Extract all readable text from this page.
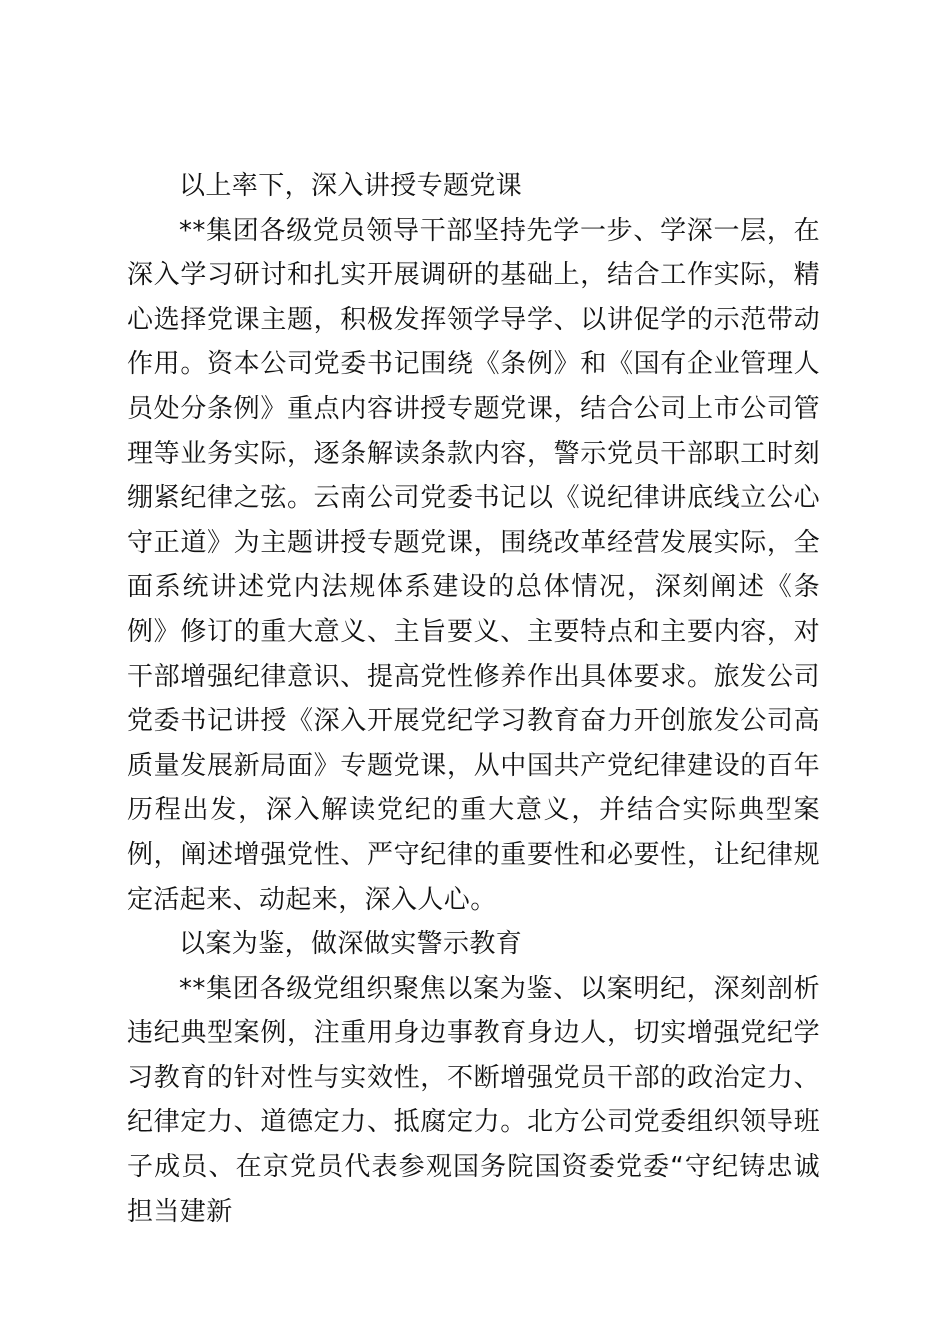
以上率下，深入讲授专题党课

**集团各级党员领导干部坚持先学一步、学深一层，在深入学习研讨和扎实开展调研的基础上，结合工作实际，精心选择党课主题，积极发挥领学导学、以讲促学的示范带动作用。资本公司党委书记围绕《条例》和《国有企业管理人员处分条例》重点内容讲授专题党课，结合公司上市公司管理等业务实际，逐条解读条款内容，警示党员干部职工时刻绷紧纪律之弦。云南公司党委书记以《说纪律讲底线立公心守正道》为主题讲授专题党课，围绕改革经营发展实际，全面系统讲述党内法规体系建设的总体情况，深刻阐述《条例》修订的重大意义、主旨要义、主要特点和主要内容，对干部增强纪律意识、提高党性修养作出具体要求。旅发公司党委书记讲授《深入开展党纪学习教育奋力开创旅发公司高质量发展新局面》专题党课，从中国共产党纪律建设的百年历程出发，深入解读党纪的重大意义，并结合实际典型案例，阐述增强党性、严守纪律的重要性和必要性，让纪律规定活起来、动起来，深入人心。

以案为鉴，做深做实警示教育

**集团各级党组织聚焦以案为鉴、以案明纪，深刻剖析违纪典型案例，注重用身边事教育身边人，切实增强党纪学习教育的针对性与实效性，不断增强党员干部的政治定力、纪律定力、道德定力、抵腐定力。北方公司党委组织领导班子成员、在京党员代表参观国务院国资委党委“守纪铸忠诚担当建新
